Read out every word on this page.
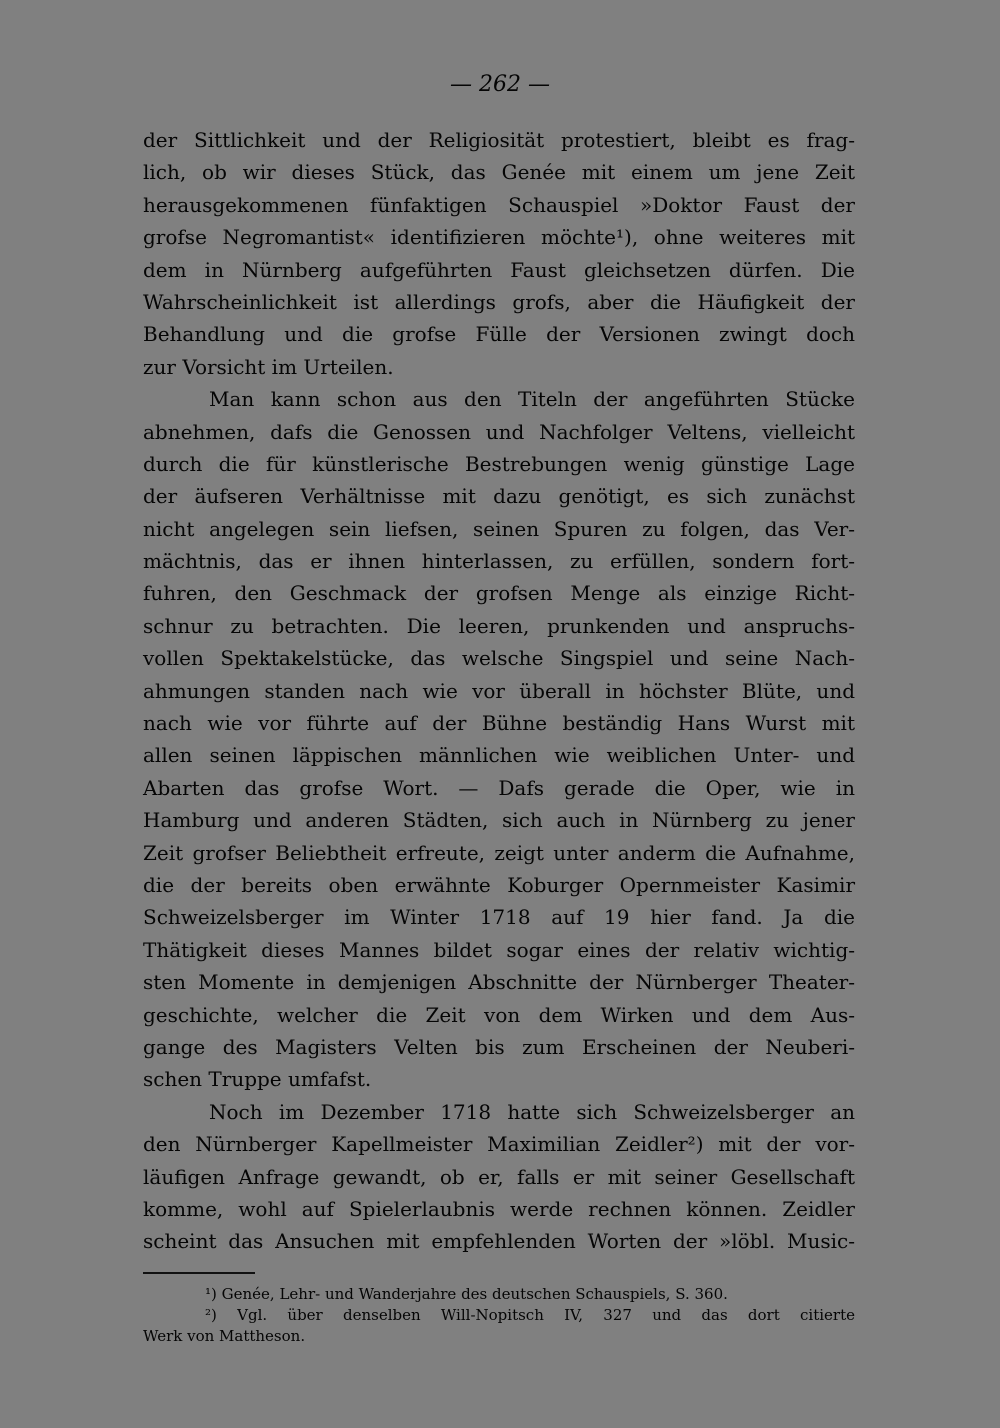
— 262 —
der Sittlichkeit und der Religiosität protestiert, bleibt es frag-
lich, ob wir dieses Stück, das Genée mit einem um jene Zeit
herausgekommenen fünfaktigen Schauspiel »Doktor Faust der
grofse Negromantist« identifizieren möchte¹), ohne weiteres mit
dem in Nürnberg aufgeführten Faust gleichsetzen dürfen. Die
Wahrscheinlichkeit ist allerdings grofs, aber die Häufigkeit der
Behandlung und die grofse Fülle der Versionen zwingt doch
zur Vorsicht im Urteilen.
Man kann schon aus den Titeln der angeführten Stücke
abnehmen, dafs die Genossen und Nachfolger Veltens, vielleicht
durch die für künstlerische Bestrebungen wenig günstige Lage
der äufseren Verhältnisse mit dazu genötigt, es sich zunächst
nicht angelegen sein liefsen, seinen Spuren zu folgen, das Ver-
mächtnis, das er ihnen hinterlassen, zu erfüllen, sondern fort-
fuhren, den Geschmack der grofsen Menge als einzige Richt-
schnur zu betrachten. Die leeren, prunkenden und anspruchs-
vollen Spektakelstücke, das welsche Singspiel und seine Nach-
ahmungen standen nach wie vor überall in höchster Blüte, und
nach wie vor führte auf der Bühne beständig Hans Wurst mit
allen seinen läppischen männlichen wie weiblichen Unter- und
Abarten das grofse Wort. — Dafs gerade die Oper, wie in
Hamburg und anderen Städten, sich auch in Nürnberg zu jener
Zeit grofser Beliebtheit erfreute, zeigt unter anderm die Aufnahme,
die der bereits oben erwähnte Koburger Opernmeister Kasimir
Schweizelsberger im Winter 1718 auf 19 hier fand. Ja die
Thätigkeit dieses Mannes bildet sogar eines der relativ wichtig-
sten Momente in demjenigen Abschnitte der Nürnberger Theater-
geschichte, welcher die Zeit von dem Wirken und dem Aus-
gange des Magisters Velten bis zum Erscheinen der Neuberi-
schen Truppe umfafst.
Noch im Dezember 1718 hatte sich Schweizelsberger an
den Nürnberger Kapellmeister Maximilian Zeidler²) mit der vor-
läufigen Anfrage gewandt, ob er, falls er mit seiner Gesellschaft
komme, wohl auf Spielerlaubnis werde rechnen können. Zeidler
scheint das Ansuchen mit empfehlenden Worten der »löbl. Music-
¹) Genée, Lehr- und Wanderjahre des deutschen Schauspiels, S. 360.
²) Vgl. über denselben Will-Nopitsch IV, 327 und das dort citierte
Werk von Mattheson.
